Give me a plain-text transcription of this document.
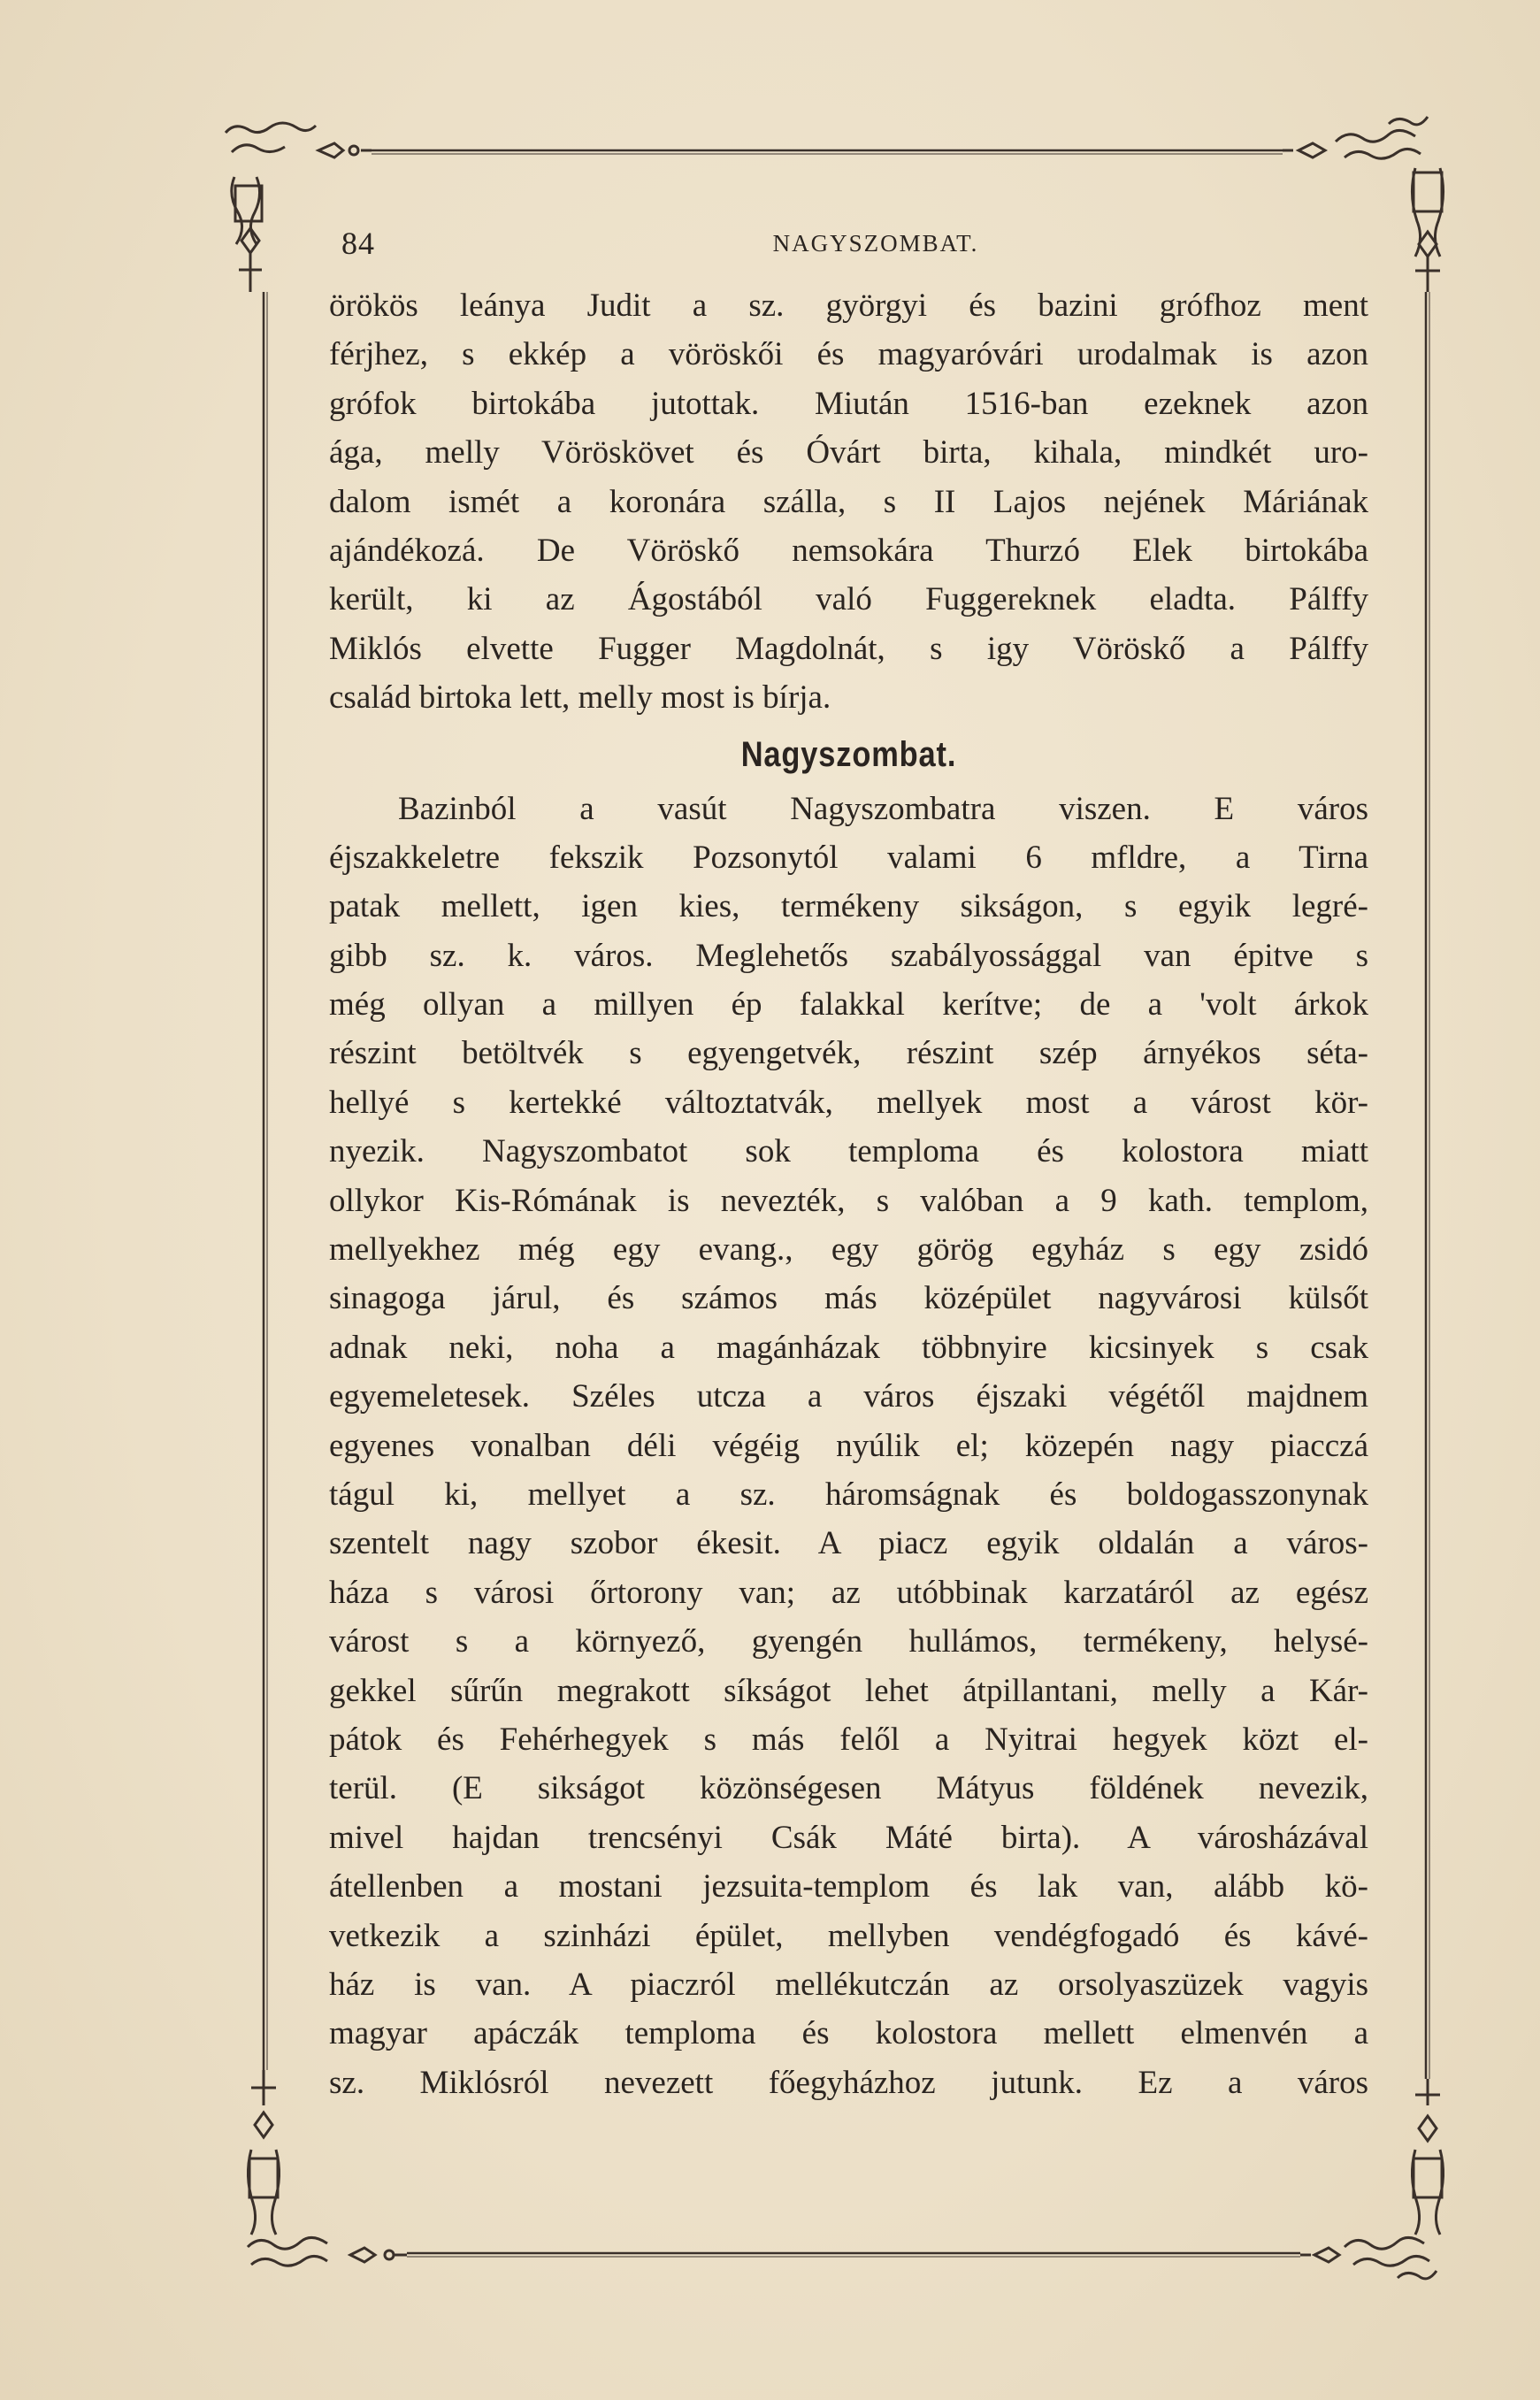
84	NAGYSZOMBAT.

örökös leánya Judit a sz. györgyi és bazini grófhoz ment
férjhez, s ekkép a vöröskői és magyaróvári urodalmak is azon
grófok birtokába jutottak. Miután 1516-ban ezeknek azon
ága, melly Vöröskövet és Óvárt birta, kihala, mindkét uro-
dalom ismét a koronára szálla, s II Lajos nejének Máriának
ajándékozá. De Vöröskő nemsokára Thurzó Elek birtokába
került, ki az Ágostából való Fuggereknek eladta. Pálffy
Miklós elvette Fugger Magdolnát, s igy Vöröskő a Pálffy
család birtoka lett, melly most is bírja.

Nagyszombat.

Bazinból a vasút Nagyszombatra viszen. E város
éjszakkeletre fekszik Pozsonytól valami 6 mfldre, a Tirna
patak mellett, igen kies, termékeny sikságon, s egyik legré-
gibb sz. k. város. Meglehetős szabályossággal van épitve s
még ollyan a millyen ép falakkal kerítve; de a 'volt árkok
részint betöltvék s egyengetvék, részint szép árnyékos séta-
hellyé s kertekké változtatvák, mellyek most a várost kör-
nyezik. Nagyszombatot sok temploma és kolostora miatt
ollykor Kis-Rómának is nevezték, s valóban a 9 kath. templom,
mellyekhez még egy evang., egy görög egyház s egy zsidó
sinagoga járul, és számos más középület nagyvárosi külsőt
adnak neki, noha a magánházak többnyire kicsinyek s csak
egyemeletesek. Széles utcza a város éjszaki végétől majdnem
egyenes vonalban déli végéig nyúlik el; közepén nagy piacczá
tágul ki, mellyet a sz. háromságnak és boldogasszonynak
szentelt nagy szobor ékesit. A piacz egyik oldalán a város-
háza s városi őrtorony van; az utóbbinak karzatáról az egész
várost s a környező, gyengén hullámos, termékeny, helysé-
gekkel sűrűn megrakott síkságot lehet átpillantani, melly a Kár-
pátok és Fehérhegyek s más felől a Nyitrai hegyek közt el-
terül. (E sikságot közönségesen Mátyus földének nevezik,
mivel hajdan trencsényi Csák Máté birta). A városházával
átellenben a mostani jezsuita-templom és lak van, alább kö-
vetkezik a szinházi épület, mellyben vendégfogadó és kávé-
ház is van. A piaczról mellékutczán az orsolyaszüzek vagyis
magyar apáczák temploma és kolostora mellett elmenvén a
sz. Miklósról nevezett főegyházhoz jutunk. Ez a város
